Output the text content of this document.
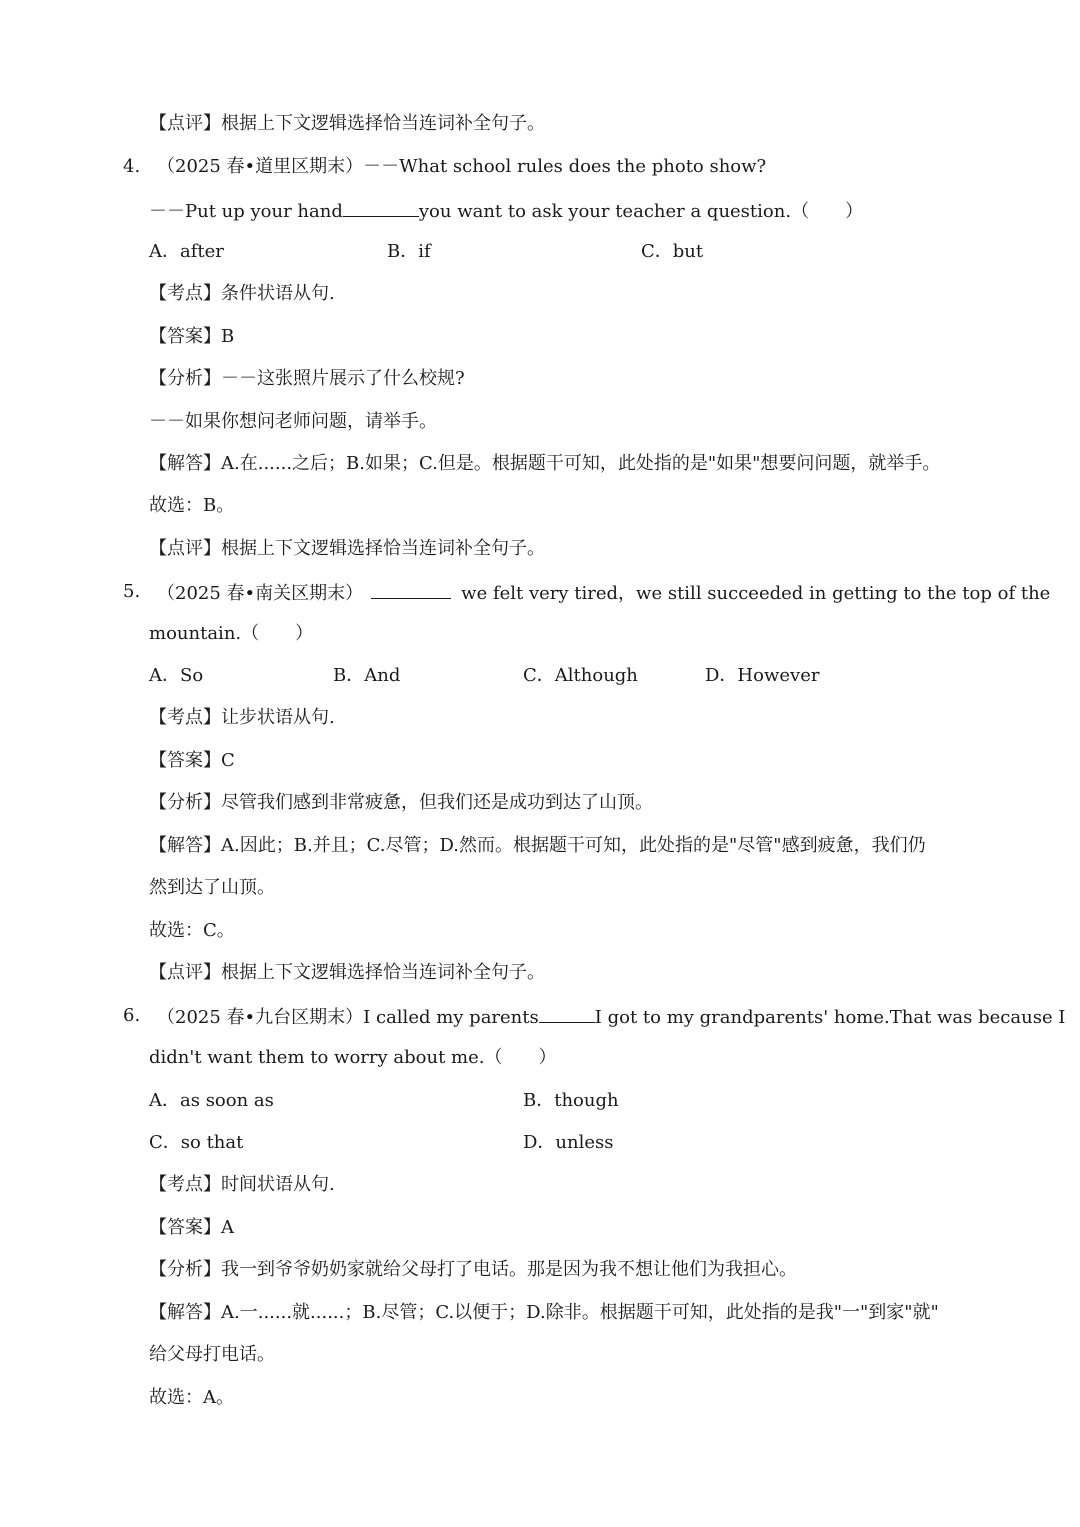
【点评】根据上下文逻辑选择恰当连词补全句子。
4. （2025 春•道里区期末）－－What school rules does the photo show?
－－Put up your hand	you want to ask your teacher a question.（　　）
A．after	B．if	C．but
【考点】条件状语从句.
【答案】B
【分析】－－这张照片展示了什么校规?
－－如果你想问老师问题，请举手。
【解答】A.在......之后；B.如果；C.但是。根据题干可知，此处指的是"如果"想要问问题，就举手。
故选：B。
【点评】根据上下文逻辑选择恰当连词补全句子。
5. （2025 春•南关区期末）	we felt very tired，we still succeeded in getting to the top of the
mountain.（　　）
A．So	B．And	C．Although	D．However
【考点】让步状语从句.
【答案】C
【分析】尽管我们感到非常疲惫，但我们还是成功到达了山顶。
【解答】A.因此；B.并且；C.尽管；D.然而。根据题干可知，此处指的是"尽管"感到疲惫，我们仍
然到达了山顶。
故选：C。
【点评】根据上下文逻辑选择恰当连词补全句子。
6. （2025 春•九台区期末）I called my parents	I got to my grandparents' home.That was because I
didn't want them to worry about me.（　　）
A．as soon as	B．though
C．so that	D．unless
【考点】时间状语从句.
【答案】A
【分析】我一到爷爷奶奶家就给父母打了电话。那是因为我不想让他们为我担心。
【解答】A.一......就......；B.尽管；C.以便于；D.除非。根据题干可知，此处指的是我"一"到家"就"
给父母打电话。
故选：A。
